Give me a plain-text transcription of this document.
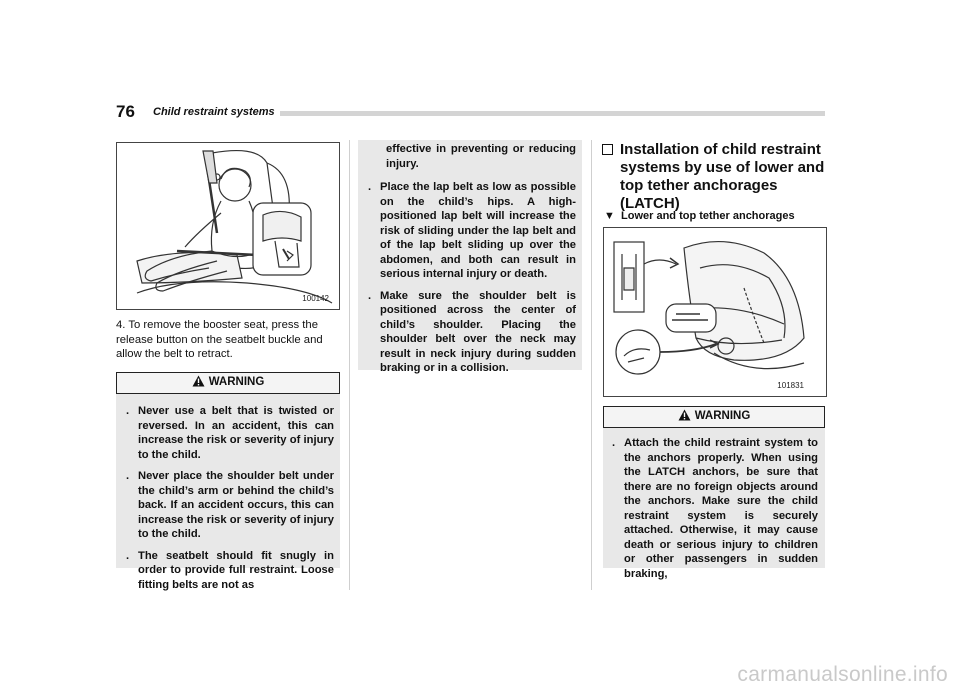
76 Child restraint systems
100142
4. To remove the booster seat, press the release button on the seatbelt buckle and allow the belt to retract.
WARNING
. Never use a belt that is twisted or reversed. In an accident, this can increase the risk or severity of injury to the child.
. Never place the shoulder belt under the child’s arm or behind the child’s back. If an accident occurs, this can increase the risk or severity of injury to the child.
. The seatbelt should fit snugly in order to provide full restraint. Loose fitting belts are not as
effective in preventing or reducing injury.
. Place the lap belt as low as possible on the child’s hips. A high-positioned lap belt will increase the risk of sliding under the lap belt and of the lap belt sliding up over the abdomen, and both can result in serious internal injury or death.
. Make sure the shoulder belt is positioned across the center of child’s shoulder. Placing the shoulder belt over the neck may result in neck injury during sudden braking or in a collision.
Installation of child restraint systems by use of lower and top tether anchorages (LATCH)
▼ Lower and top tether anchorages
101831
WARNING
. Attach the child restraint system to the anchors properly. When using the LATCH anchors, be sure that there are no foreign objects around the anchors. Make sure the child restraint system is securely attached. Otherwise, it may cause death or serious injury to children or other passengers in sudden braking,
carmanualsonline.info
